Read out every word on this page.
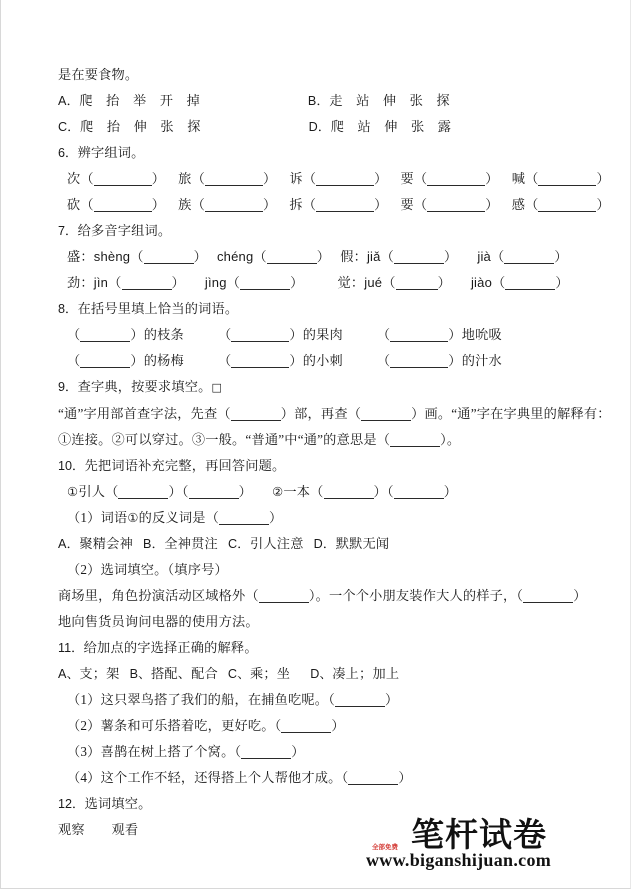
是在要食物。
A．爬　抬　举　开　掉	B．走　站　伸　张　探
C．爬　抬　伸　张　探	D．爬　站　伸　张　露
6．辨字组词。
次（	） 旅（	） 诉（	） 要（	） 喊（	）
砍（	） 族（	） 拆（	） 要（	） 感（	）
7．给多音字组词。
盛：shèng（	） chéng（	） 假：jiǎ（	） jià（	）
劲：jìn（	） jìng（	）	觉：jué（	） jiào（	）
8．在括号里填上恰当的词语。
（	）的枝条	（	）的果肉	（	）地吮吸
（	）的杨梅	（	）的小刺	（	）的汁水
9．查字典，按要求填空。□
“通”字用部首查字法，先查（	）部，再查（	）画。“通”字在字典里的解释有：
①连接。②可以穿过。③一般。“普通”中“通”的意思是（	）。
10．先把词语补充完整，再回答问题。
①引人（	）（	） ②一本（	）（	）
（1）词语①的反义词是（	）
A．聚精会神 B．全神贯注 C．引人注意 D．默默无闻
（2）选词填空。（填序号）
商场里，角色扮演活动区域格外（	）。一个个小朋友装作大人的样子，（	）
地向售货员询问电器的使用方法。
11．给加点的字选择正确的解释。
A、支；架 B、搭配、配合 C、乘；坐 D、凑上；加上
（1）这只翠鸟搭了我们的船，在捕鱼吃呢。（	）
（2）薯条和可乐搭着吃，更好吃。（	）
（3）喜鹊在树上搭了个窝。（	）
（4）这个工作不轻，还得搭上个人帮他才成。（	）
12．选词填空。
观察　　观看
全部免费 笔杆试卷
www.biganshijuan.com
